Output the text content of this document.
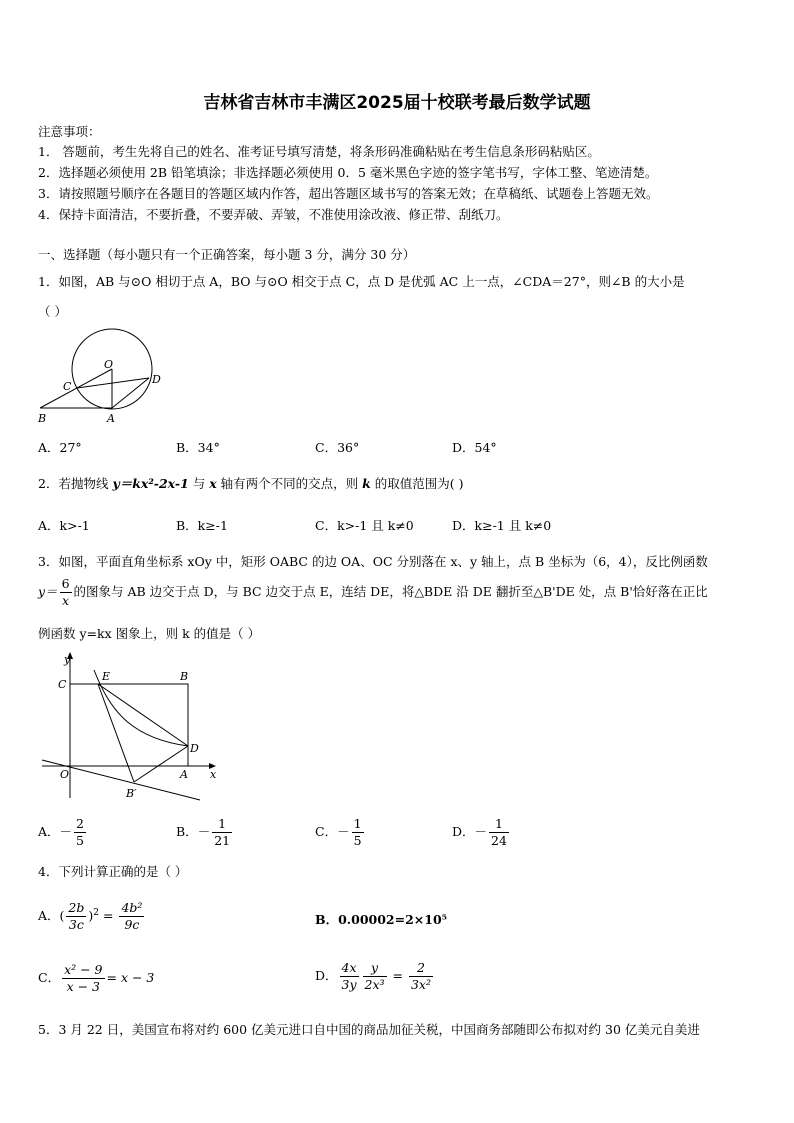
吉林省吉林市丰满区2025届十校联考最后数学试题
注意事项：
1． 答题前，考生先将自己的姓名、准考证号填写清楚，将条形码准确粘贴在考生信息条形码粘贴区。
2．选择题必须使用 2B 铅笔填涂；非选择题必须使用 0．5 毫米黑色字迹的签字笔书写，字体工整、笔迹清楚。
3．请按照题号顺序在各题目的答题区域内作答，超出答题区域书写的答案无效；在草稿纸、试题卷上答题无效。
4．保持卡面清洁，不要折叠，不要弄破、弄皱，不准使用涂改液、修正带、刮纸刀。
一、选择题（每小题只有一个正确答案，每小题 3 分，满分 30 分）
1．如图，AB 与⊙O 相切于点 A，BO 与⊙O 相交于点 C，点 D 是优弧 AC 上一点，∠CDA＝27°，则∠B 的大小是
（ ）
O
C
D
B	A
A．27°	B．34°	C．36°	D．54°
2．若抛物线 y＝kx²-2x-1 与 x 轴有两个不同的交点，则 k 的取值范围为( )
A．k>-1	B．k≥-1	C．k>-1 且 k≠0	D．k≥-1 且 k≠0
3．如图，平面直角坐标系 xOy 中，矩形 OABC 的边 OA、OC 分别落在 x、y 轴上，点 B 坐标为（6，4），反比例函数
$y= \frac{6}{x}$ 的图象与 AB 边交于点 D，与 BC 边交于点 E，连结 DE，将△BDE 沿 DE 翻折至△B'DE 处，点 B'恰好落在正比
例函数 y=kx 图象上，则 k 的值是（ ）
y
x
C
E	B
D
O	A
B′
A．－ $\frac{2}{5}$	B．－ $\frac{1}{21}$	C．－ $\frac{1}{5}$	D．－ $\frac{1}{24}$
4．下列计算正确的是（ ）
A．( $\frac{2b}{3c} )^2 = \frac{\text{4b²}}{9c}$	B．0.00002=2×10⁵
C． $\frac{\text{x² − 9}}{x - 3} = x - 3$	D． $\frac{4x}{3y} \frac{y}{\text{2x³}} = \frac{2}{\text{3x²}}$
5．3 月 22 日，美国宣布将对约 600 亿美元进口自中国的商品加征关税，中国商务部随即公布拟对约 30 亿美元自美进
